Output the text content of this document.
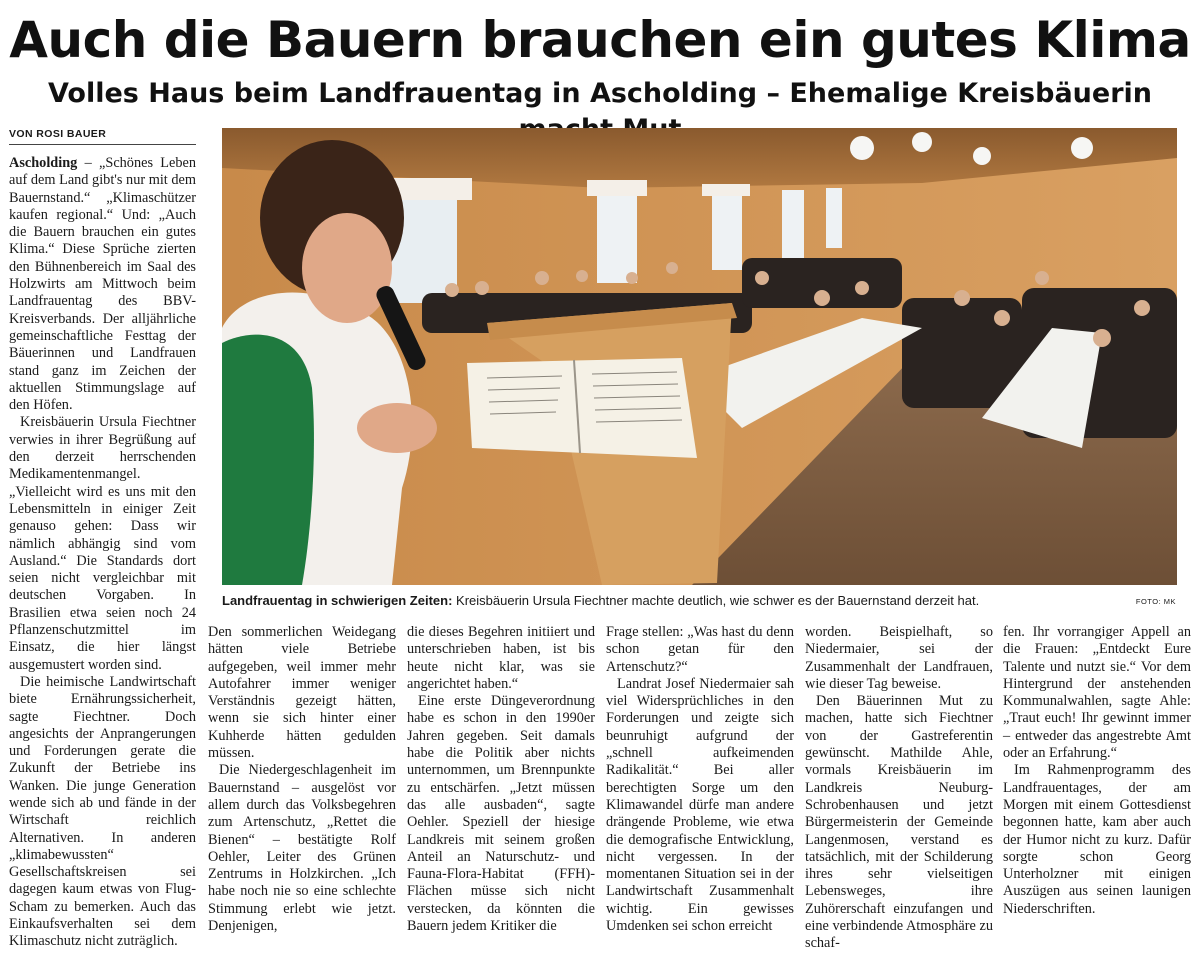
Auch die Bauern brauchen ein gutes Klima
Volles Haus beim Landfrauentag in Ascholding – Ehemalige Kreisbäuerin
VON ROSI BAUER

Ascholding – „Schönes Leben auf dem Land gibt's nur mit dem Bauernstand.“ „Klimaschützer kaufen regional.“ Und: „Auch die Bauern brauchen ein gutes Klima.“ Diese Sprüche zierten den Bühnenbereich im Saal des Holzwirts am Mittwoch beim Landfrauentag des BBV-Kreisverbands. Der alljährliche gemeinschaftliche Festtag der Bäuerinnen und Landfrauen stand ganz im Zeichen der aktuellen Stimmungslage auf den Höfen.

Kreisbäuerin Ursula Fiechtner verwies in ihrer Begrüßung auf den derzeit herrschenden Medikamentenmangel. „Vielleicht wird es uns mit den Lebensmitteln in einiger Zeit genauso gehen: Dass wir nämlich abhängig sind vom Ausland.“ Die Standards dort seien nicht vergleichbar mit deutschen Vorgaben. In Brasilien etwa seien noch 24 Pflanzenschutzmittel im Einsatz, die hier längst ausgemustert worden sind.

Die heimische Landwirtschaft biete Ernährungssicherheit, sagte Fiechtner. Doch angesichts der Anprangerungen und Forderungen gerate die Zukunft der Betriebe ins Wanken. Die junge Generation wende sich ab und fände in der Wirtschaft reichlich Alternativen. In anderen „klimabewussten“ Gesellschaftskreisen sei dagegen kaum etwas von Flug-Scham zu bemerken. Auch das Einkaufsverhalten sei dem Klimaschutz nicht zuträglich.

Landfrauentag in schwierigen Zeiten: Kreisbäuerin Ursula Fiechtner machte deutlich, wie schwer es der Bauernstand derzeit hat.	FOTO: MK

Den sommerlichen Weidegang hätten viele Betriebe aufgegeben, weil immer mehr Autofahrer immer weniger Verständnis gezeigt hätten, wenn sie sich hinter einer Kuhherde hätten gedulden müssen.

Die Niedergeschlagenheit im Bauernstand – ausgelöst vor allem durch das Volksbegehren zum Artenschutz, „Rettet die Bienen“ – bestätigte Rolf Oehler, Leiter des Grünen Zentrums in Holzkirchen. „Ich habe noch nie so eine schlechte Stimmung erlebt wie jetzt. Denjenigen,

die dieses Begehren initiiert und unterschrieben haben, ist bis heute nicht klar, was sie angerichtet haben.“

Eine erste Düngeverordnung habe es schon in den 1990er Jahren gegeben. Seit damals habe die Politik aber nichts unternommen, um Brennpunkte zu entschärfen. „Jetzt müssen das alle ausbaden“, sagte Oehler. Speziell der hiesige Landkreis mit seinem großen Anteil an Naturschutz- und Fauna-Flora-Habitat (FFH)-Flächen müsse sich nicht verstecken, da könnten die Bauern jedem Kritiker die

Frage stellen: „Was hast du denn schon getan für den Artenschutz?“

Landrat Josef Niedermaier sah viel Widersprüchliches in den Forderungen und zeigte sich beunruhigt aufgrund der „schnell aufkeimenden Radikalität.“ Bei aller berechtigten Sorge um den Klimawandel dürfe man andere drängende Probleme, wie etwa die demografische Entwicklung, nicht vergessen. In der momentanen Situation sei in der Landwirtschaft Zusammenhalt wichtig. Ein gewisses Umdenken sei schon erreicht

worden. Beispielhaft, so Niedermaier, sei der Zusammenhalt der Landfrauen, wie dieser Tag beweise.

Den Bäuerinnen Mut zu machen, hatte sich Fiechtner von der Gastreferentin gewünscht. Mathilde Ahle, vormals Kreisbäuerin im Landkreis Neuburg-Schrobenhausen und jetzt Bürgermeisterin der Gemeinde Langenmosen, verstand es tatsächlich, mit der Schilderung ihres sehr vielseitigen Lebensweges, ihre Zuhörerschaft einzufangen und eine verbindende Atmosphäre zu schaf-

fen. Ihr vorrangiger Appell an die Frauen: „Entdeckt Eure Talente und nutzt sie.“ Vor dem Hintergrund der anstehenden Kommunalwahlen, sagte Ahle: „Traut euch! Ihr gewinnt immer – entweder das angestrebte Amt oder an Erfahrung.“

Im Rahmenprogramm des Landfrauentages, der am Morgen mit einem Gottesdienst begonnen hatte, kam aber auch der Humor nicht zu kurz. Dafür sorgte schon Georg Unterholzner mit einigen Auszügen aus seinen launigen Niederschriften.
